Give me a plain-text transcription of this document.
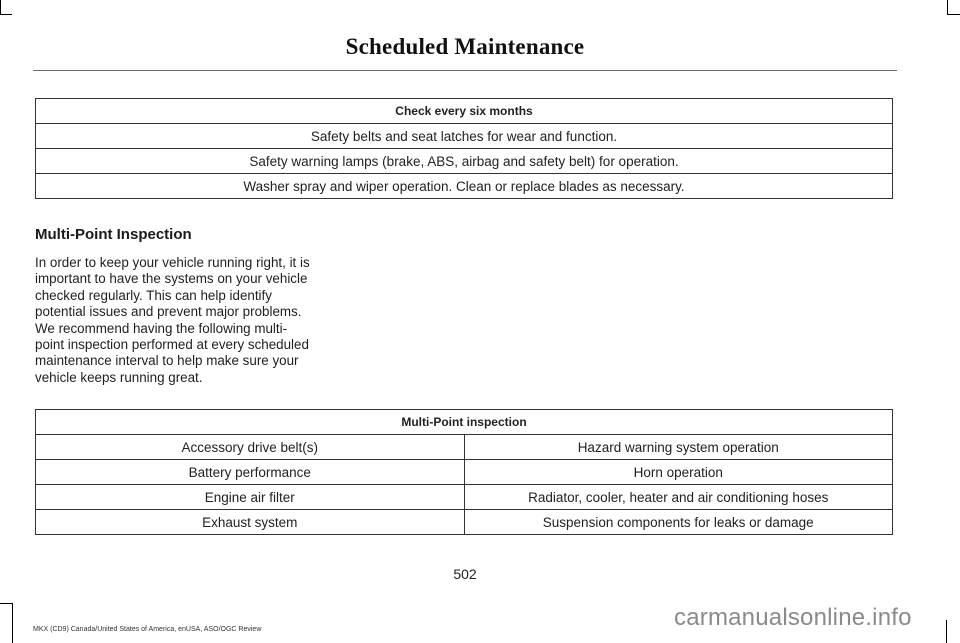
Scheduled Maintenance
Check every six months
Safety belts and seat latches for wear and function.
Safety warning lamps (brake, ABS, airbag and safety belt) for operation.
Washer spray and wiper operation. Clean or replace blades as necessary.
Multi-Point Inspection
In order to keep your vehicle running right, it is important to have the systems on your vehicle checked regularly. This can help identify potential issues and prevent major problems. We recommend having the following multi-point inspection performed at every scheduled maintenance interval to help make sure your vehicle keeps running great.
Multi-Point inspection	
Accessory drive belt(s)	Hazard warning system operation
Battery performance	Horn operation
Engine air filter	Radiator, cooler, heater and air conditioning hoses
Exhaust system	Suspension components for leaks or damage
502
MKX (CD9) Canada/United States of America, enUSA, ASO/OGC Review	carmanualsonline.info
